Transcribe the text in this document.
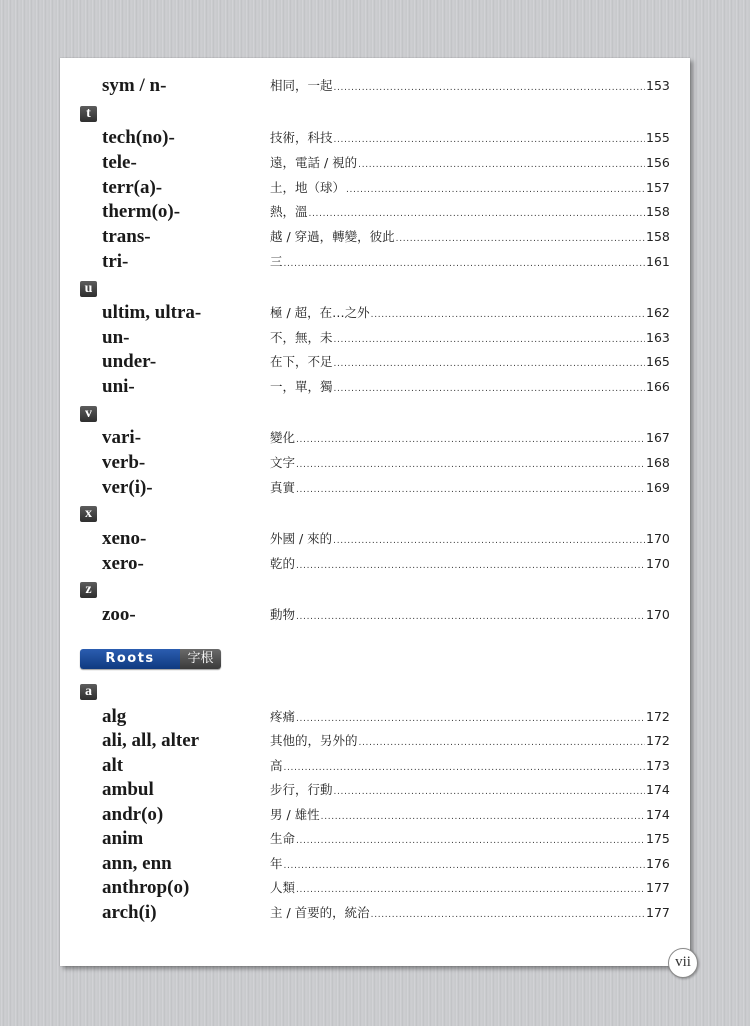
sym / n-	相同，一起 . . .	153
t
tech(no)-	技術，科技 . . .	155
tele-	遠，電話 / 視的 . . .	156
terr(a)-	土，地（球） . . .	157
therm(o)-	熱，溫 . . .	158
trans-	越 / 穿過，轉變，彼此 . . .	158
tri-	三 . . .	161
u
ultim, ultra-	極 / 超，在…之外 . . .	162
un-	不，無，未 . . .	163
under-	在下，不足 . . .	165
uni-	一，單，獨 . . .	166
v
vari-	變化 . . .	167
verb-	文字 . . .	168
ver(i)-	真實 . . .	169
x
xeno-	外國 / 來的 . . .	170
xero-	乾的 . . .	170
z
zoo-	動物 . . .	170
Roots	字根
a
alg	疼痛 . . .	172
ali, all, alter	其他的，另外的 . . .	172
alt	高 . . .	173
ambul	步行，行動 . . .	174
andr(o)	男 / 雄性 . . .	174
anim	生命 . . .	175
ann, enn	年 . . .	176
anthrop(o)	人類 . . .	177
arch(i)	主 / 首要的，統治 . . .	177
vii
